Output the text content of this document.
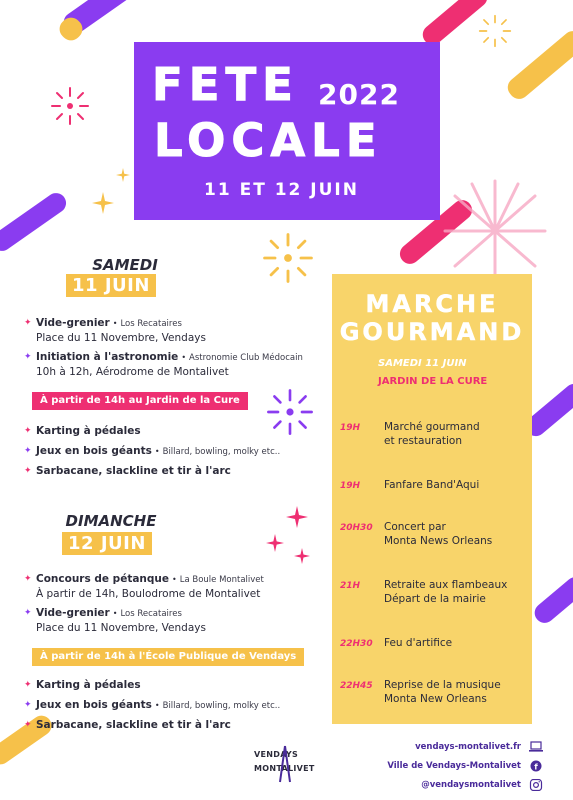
FETE 2022
LOCALE
11 ET 12 JUIN
SAMEDI
11 JUIN
✦ Vide-grenier • Los Recataires
Place du 11 Novembre, Vendays
✦ Initiation à l'astronomie • Astronomie Club Médocain
10h à 12h, Aérodrome de Montalivet
À partir de 14h au Jardin de la Cure
✦ Karting à pédales
✦ Jeux en bois géants • Billard, bowling, molky etc..
✦ Sarbacane, slackline et tir à l'arc
DIMANCHE
12 JUIN
✦ Concours de pétanque • La Boule Montalivet
À partir de 14h, Boulodrome de Montalivet
✦ Vide-grenier • Los Recataires
Place du 11 Novembre, Vendays
À partir de 14h à l'École Publique de Vendays
✦ Karting à pédales
✦ Jeux en bois géants • Billard, bowling, molky etc..
✦ Sarbacane, slackline et tir à l'arc
MARCHE
GOURMAND
SAMEDI 11 JUIN
JARDIN DE LA CURE
19H	Marché gourmand
et restauration
19H	Fanfare Band'Aqui
20H30	Concert par
Monta News Orleans
21H	Retraite aux flambeaux
Départ de la mairie
22H30	Feu d'artifice
22H45	Reprise de la musique
Monta New Orleans
VENDAYS
MONTALIVET
vendays-montalivet.fr
Ville de Vendays-Montalivet
@vendaysmontalivet
f
